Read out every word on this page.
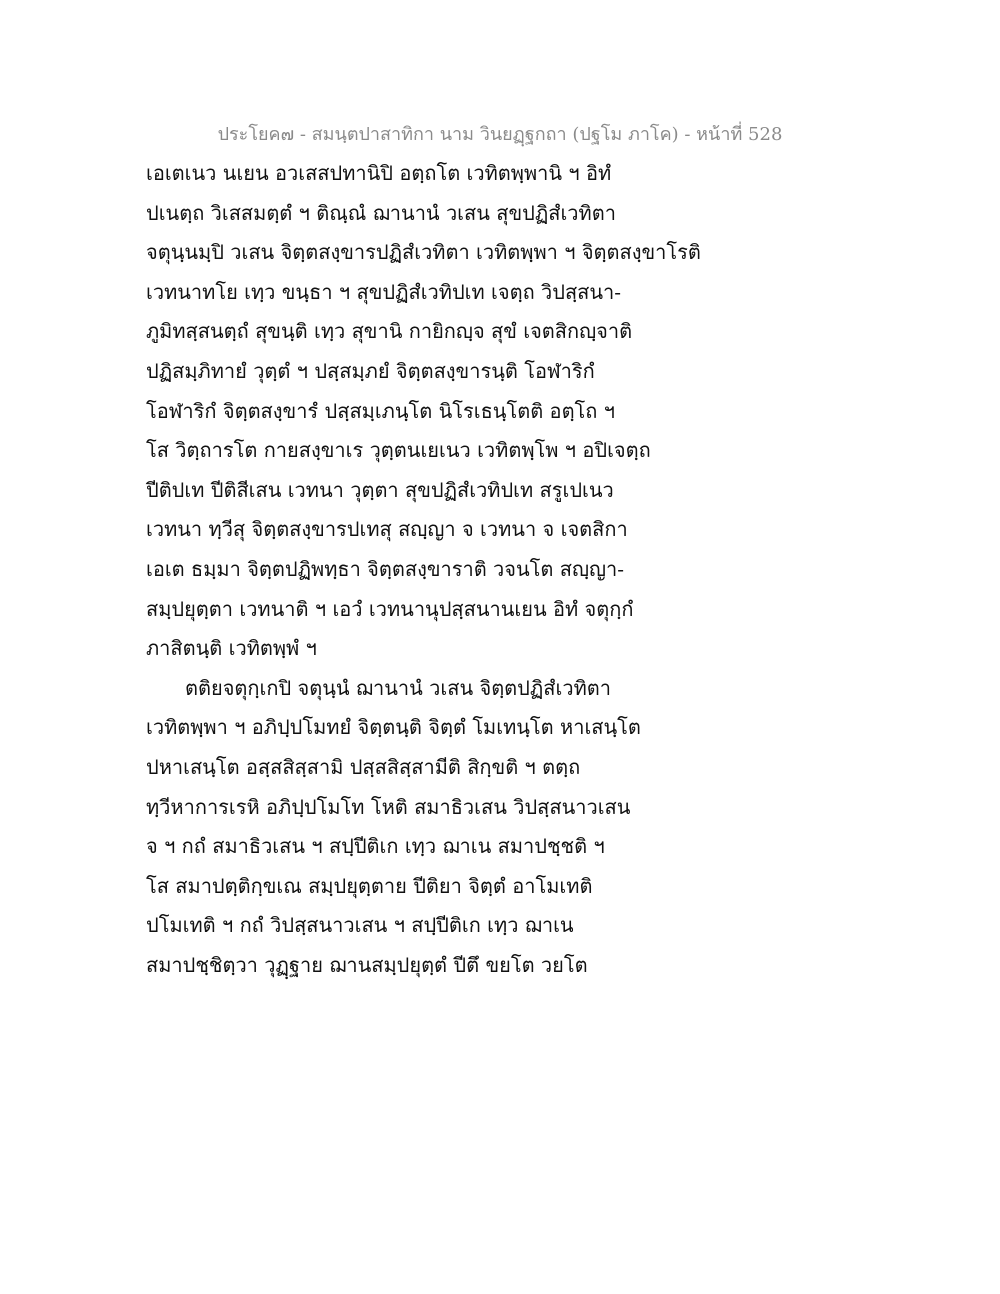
ประโยค๗ - สมนฺตปาสาทิกา นาม วินยฏฺฐกถา (ปฐโม ภาโค) - หน้าที่ 528
เอเตเนว นเยน อวเสสปทานิปิ อตฺถโต เวทิตพฺพานิ ฯ อิทํ
ปเนตฺถ วิเสสมตฺตํ ฯ ติณฺณํ ฌานานํ วเสน สุขปฏิสํเวทิตา
จตุนฺนมฺปิ วเสน จิตฺตสงฺขารปฏิสํเวทิตา เวทิตพฺพา ฯ จิตฺตสงฺขาโรติ
เวทนาทโย เทฺว ขนฺธา ฯ สุขปฏิสํเวทิปเท เจตฺถ วิปสฺสนา-
ภูมิทสฺสนตฺถํ สุขนฺติ เทฺว สุขานิ กายิกญฺจ สุขํ เจตสิกญฺจาติ
ปฏิสมฺภิทายํ วุตฺตํ ฯ ปสฺสมฺภยํ จิตฺตสงฺขารนฺติ โอฬาริกํ
โอฬาริกํ จิตฺตสงฺขารํ ปสฺสมฺเภนฺโต นิโรเธนฺโตติ อตฺโถ ฯ
โส วิตฺถารโต กายสงฺขาเร วุตฺตนเยเนว เวทิตพฺโพ ฯ อปิเจตฺถ
ปีติปเท ปีติสีเสน เวทนา วุตฺตา สุขปฏิสํเวทิปเท สรูเปเนว
เวทนา ทฺวีสุ จิตฺตสงฺขารปเทสุ สญฺญา จ เวทนา จ เจตสิกา
เอเต ธมฺมา จิตฺตปฏิพทฺธา จิตฺตสงฺขาราติ วจนโต สญฺญา-
สมฺปยุตฺตา เวทนาติ ฯ เอวํ เวทนานุปสฺสนานเยน อิทํ จตุกฺกํ
ภาสิตนฺติ เวทิตพฺพํ ฯ
ตติยจตุกฺเกปิ จตุนฺนํ ฌานานํ วเสน จิตฺตปฏิสํเวทิตา
เวทิตพฺพา ฯ อภิปฺปโมทยํ จิตฺตนฺติ จิตฺตํ โมเทนฺโต หาเสนฺโต
ปหาเสนฺโต อสฺสสิสฺสามิ ปสฺสสิสฺสามีติ สิกฺขติ ฯ ตตฺถ
ทฺวีหาการเรหิ อภิปฺปโมโท โหติ สมาธิวเสน วิปสฺสนาวเสน
จ ฯ กถํ สมาธิวเสน ฯ สปฺปีติเก เทฺว ฌาเน สมาปชฺชติ ฯ
โส สมาปตฺติกฺขเณ สมฺปยุตฺตาย ปีติยา จิตฺตํ อาโมเทติ
ปโมเทติ ฯ กถํ วิปสฺสนาวเสน ฯ สปฺปีติเก เทฺว ฌาเน
สมาปชฺชิตฺวา วุฏฺฐาย ฌานสมฺปยุตฺตํ ปีตึ ขยโต วยโต
